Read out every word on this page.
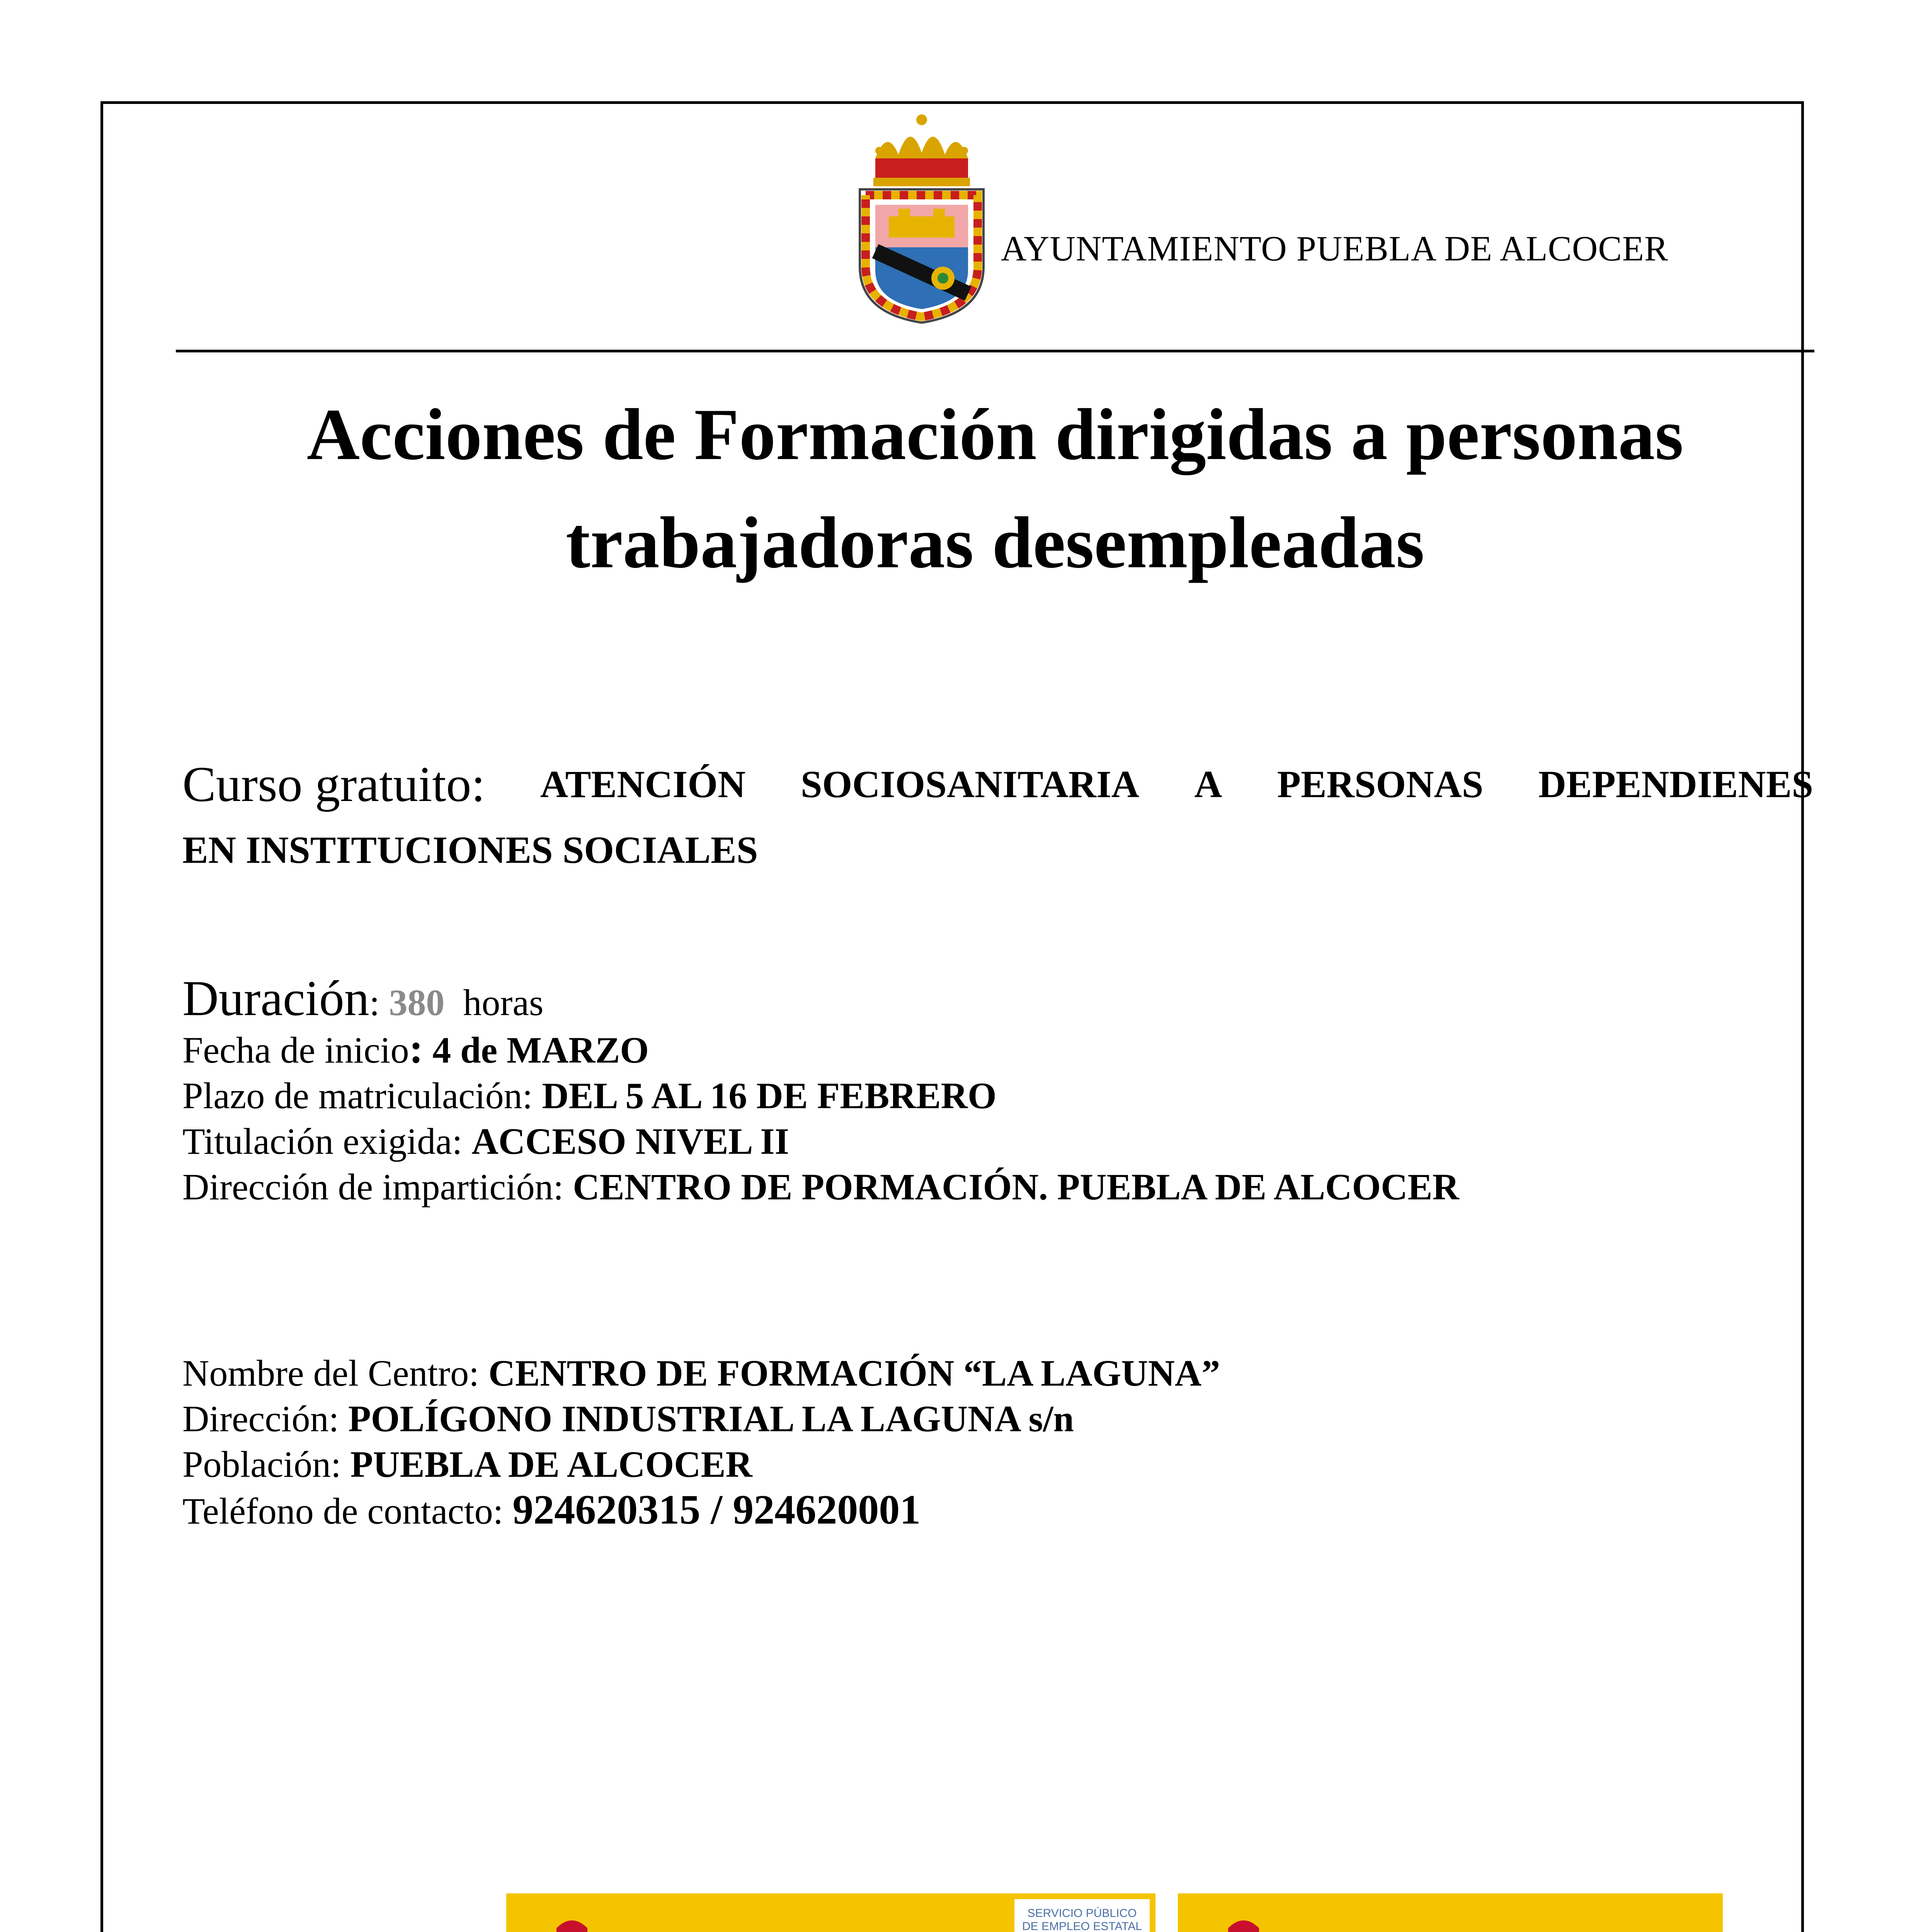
AYUNTAMIENTO PUEBLA DE ALCOCER
Acciones de Formación dirigidas a personas
trabajadoras desempleadas
Curso gratuito: ATENCIÓN SOCIOSANITARIA A PERSONAS DEPENDIENES
EN INSTITUCIONES SOCIALES
Duración: 380 horas
Fecha de inicio: 4 de MARZO
Plazo de matriculación: DEL 5 AL 16 DE FEBRERO
Titulación exigida: ACCESO NIVEL II
Dirección de impartición: CENTRO DE PORMACIÓN. PUEBLA DE ALCOCER
Nombre del Centro: CENTRO DE FORMACIÓN “LA LAGUNA”
Dirección: POLÍGONO INDUSTRIAL LA LAGUNA s/n
Población: PUEBLA DE ALCOCER
Teléfono de contacto: 924620315 / 924620001
SERVICIO PÚBLICO
DE EMPLEO ESTATAL
